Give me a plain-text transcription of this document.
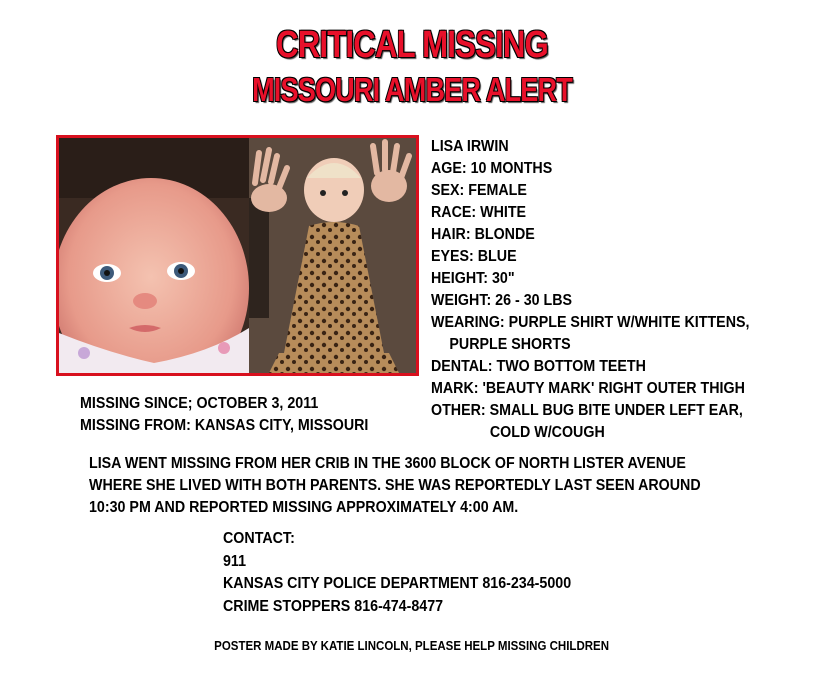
CRITICAL MISSING
MISSOURI AMBER ALERT
LISA IRWIN
AGE: 10 MONTHS
SEX: FEMALE
RACE: WHITE
HAIR: BLONDE
EYES: BLUE
HEIGHT: 30"
WEIGHT: 26 - 30 LBS
WEARING: PURPLE SHIRT W/WHITE KITTENS,
PURPLE SHORTS
DENTAL: TWO BOTTOM TEETH
MARK: 'BEAUTY MARK' RIGHT OUTER THIGH
OTHER: SMALL BUG BITE UNDER LEFT EAR,
COLD W/COUGH
MISSING SINCE; OCTOBER 3, 2011
MISSING FROM: KANSAS CITY, MISSOURI
LISA WENT MISSING FROM HER CRIB IN THE 3600 BLOCK OF NORTH LISTER AVENUE
WHERE SHE LIVED WITH BOTH PARENTS. SHE WAS REPORTEDLY LAST SEEN AROUND
10:30 PM AND REPORTED MISSING APPROXIMATELY 4:00 AM.
CONTACT:
911
KANSAS CITY POLICE DEPARTMENT 816-234-5000
CRIME STOPPERS 816-474-8477
POSTER MADE BY KATIE LINCOLN, PLEASE HELP MISSING CHILDREN
